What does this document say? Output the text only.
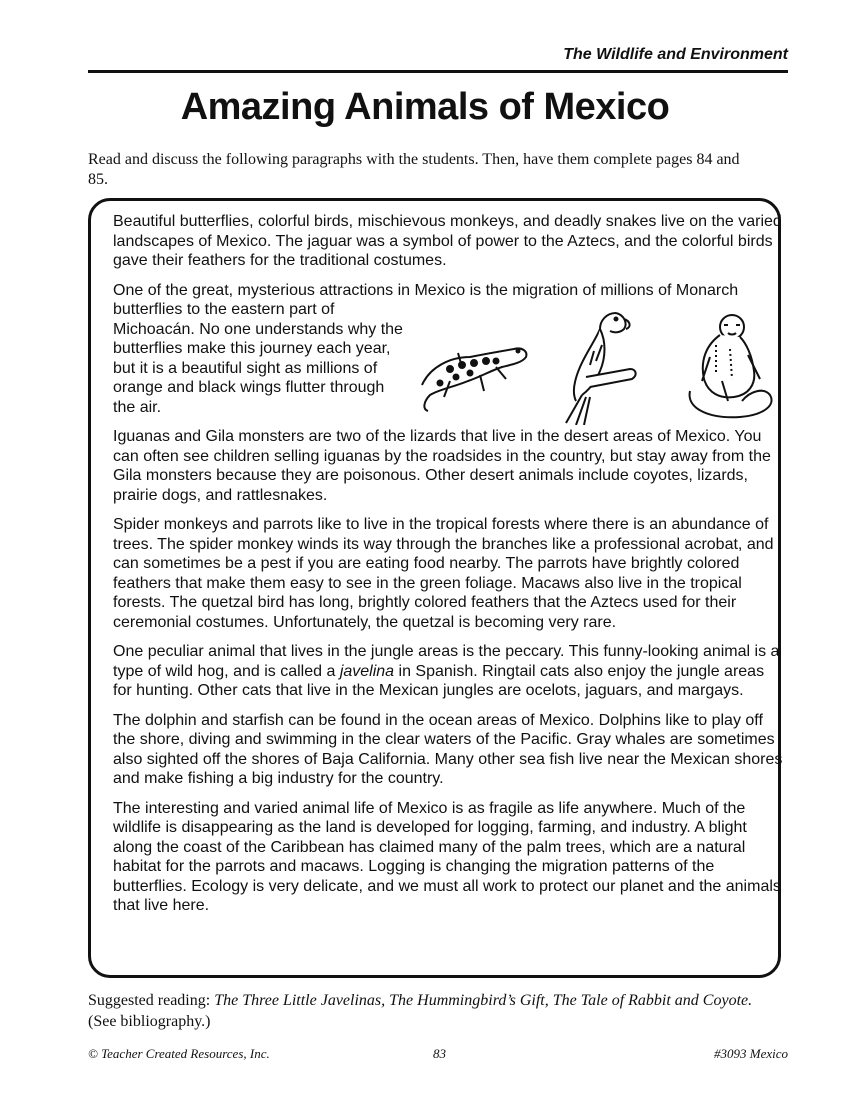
The Wildlife and Environment
Amazing Animals of Mexico
Read and discuss the following paragraphs with the students. Then, have them complete pages 84 and 85.

Beautiful butterflies, colorful birds, mischievous monkeys, and deadly snakes live on the varied landscapes of Mexico. The jaguar was a symbol of power to the Aztecs, and the colorful birds gave their feathers for the traditional costumes.

One of the great, mysterious attractions in Mexico is the migration of millions of Monarch
butterflies to the eastern part of Michoacán. No one understands why the butterflies make this journey each year, but it is a beautiful sight as millions of orange and black wings flutter through the air.

Iguanas and Gila monsters are two of the lizards that live in the desert areas of Mexico. You can often see children selling iguanas by the roadsides in the country, but stay away from the Gila monsters because they are poisonous. Other desert animals include coyotes, lizards, prairie dogs, and rattlesnakes.

Spider monkeys and parrots like to live in the tropical forests where there is an abundance of trees. The spider monkey winds its way through the branches like a professional acrobat, and can sometimes be a pest if you are eating food nearby. The parrots have brightly colored feathers that make them easy to see in the green foliage. Macaws also live in the tropical forests. The quetzal bird has long, brightly colored feathers that the Aztecs used for their ceremonial costumes. Unfortunately, the quetzal is becoming very rare.

One peculiar animal that lives in the jungle areas is the peccary. This funny-looking animal is a type of wild hog, and is called a javelina in Spanish. Ringtail cats also enjoy the jungle areas for hunting. Other cats that live in the Mexican jungles are ocelots, jaguars, and margays.

The dolphin and starfish can be found in the ocean areas of Mexico. Dolphins like to play off the shore, diving and swimming in the clear waters of the Pacific. Gray whales are sometimes also sighted off the shores of Baja California. Many other sea fish live near the Mexican shores and make fishing a big industry for the country.

The interesting and varied animal life of Mexico is as fragile as life anywhere. Much of the wildlife is disappearing as the land is developed for logging, farming, and industry. A blight along the coast of the Caribbean has claimed many of the palm trees, which are a natural habitat for the parrots and macaws. Logging is changing the migration patterns of the butterflies. Ecology is very delicate, and we must all work to protect our planet and the animals that live here.

Suggested reading: The Three Little Javelinas, The Hummingbird’s Gift, The Tale of Rabbit and Coyote. (See bibliography.)
© Teacher Created Resources, Inc.	83	#3093 Mexico
